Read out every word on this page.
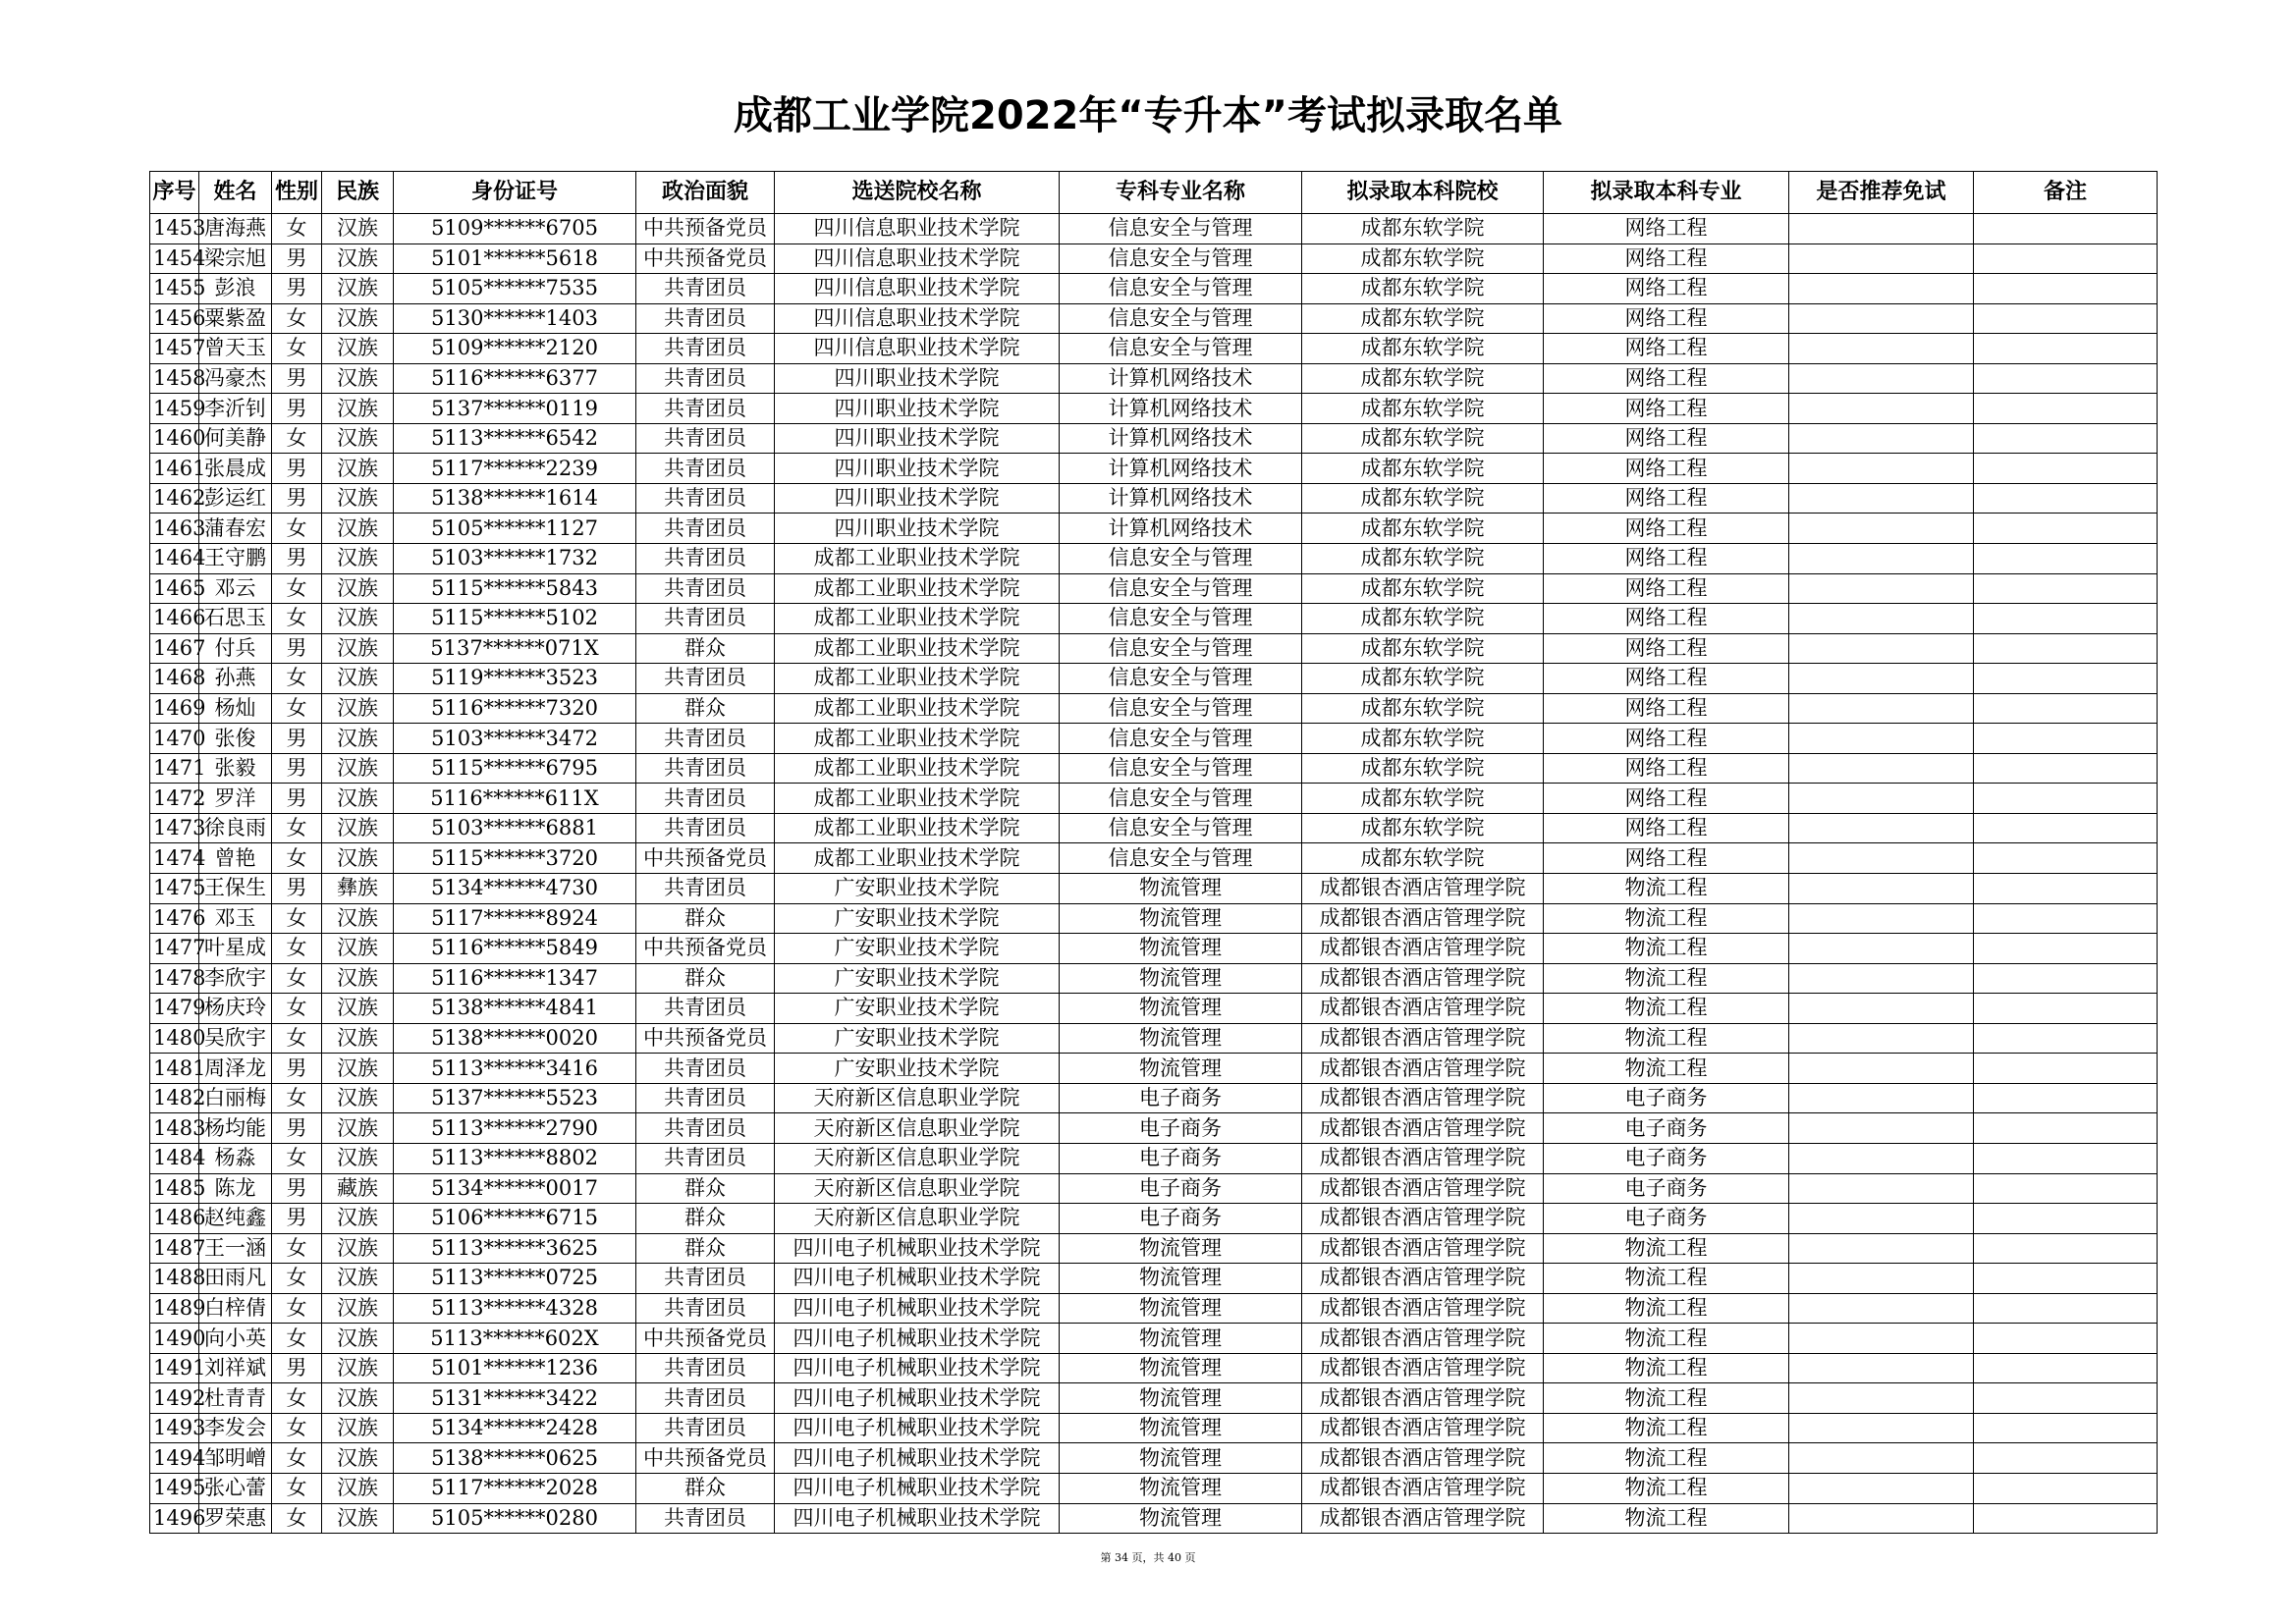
成都工业学院2022年“专升本”考试拟录取名单
序号	姓名	性别	民族	身份证号	政治面貌	选送院校名称	专科专业名称	拟录取本科院校	拟录取本科专业	是否推荐免试	备注
1453	唐海燕	女	汉族	5109******6705	中共预备党员	四川信息职业技术学院	信息安全与管理	成都东软学院	网络工程		
1454	梁宗旭	男	汉族	5101******5618	中共预备党员	四川信息职业技术学院	信息安全与管理	成都东软学院	网络工程		
1455	彭浪	男	汉族	5105******7535	共青团员	四川信息职业技术学院	信息安全与管理	成都东软学院	网络工程		
1456	粟紫盈	女	汉族	5130******1403	共青团员	四川信息职业技术学院	信息安全与管理	成都东软学院	网络工程		
1457	曾天玉	女	汉族	5109******2120	共青团员	四川信息职业技术学院	信息安全与管理	成都东软学院	网络工程		
1458	冯豪杰	男	汉族	5116******6377	共青团员	四川职业技术学院	计算机网络技术	成都东软学院	网络工程		
1459	李沂钊	男	汉族	5137******0119	共青团员	四川职业技术学院	计算机网络技术	成都东软学院	网络工程		
1460	何美静	女	汉族	5113******6542	共青团员	四川职业技术学院	计算机网络技术	成都东软学院	网络工程		
1461	张晨成	男	汉族	5117******2239	共青团员	四川职业技术学院	计算机网络技术	成都东软学院	网络工程		
1462	彭运红	男	汉族	5138******1614	共青团员	四川职业技术学院	计算机网络技术	成都东软学院	网络工程		
1463	蒲春宏	女	汉族	5105******1127	共青团员	四川职业技术学院	计算机网络技术	成都东软学院	网络工程		
1464	王守鹏	男	汉族	5103******1732	共青团员	成都工业职业技术学院	信息安全与管理	成都东软学院	网络工程		
1465	邓云	女	汉族	5115******5843	共青团员	成都工业职业技术学院	信息安全与管理	成都东软学院	网络工程		
1466	石思玉	女	汉族	5115******5102	共青团员	成都工业职业技术学院	信息安全与管理	成都东软学院	网络工程		
1467	付兵	男	汉族	5137******071X	群众	成都工业职业技术学院	信息安全与管理	成都东软学院	网络工程		
1468	孙燕	女	汉族	5119******3523	共青团员	成都工业职业技术学院	信息安全与管理	成都东软学院	网络工程		
1469	杨灿	女	汉族	5116******7320	群众	成都工业职业技术学院	信息安全与管理	成都东软学院	网络工程		
1470	张俊	男	汉族	5103******3472	共青团员	成都工业职业技术学院	信息安全与管理	成都东软学院	网络工程		
1471	张毅	男	汉族	5115******6795	共青团员	成都工业职业技术学院	信息安全与管理	成都东软学院	网络工程		
1472	罗洋	男	汉族	5116******611X	共青团员	成都工业职业技术学院	信息安全与管理	成都东软学院	网络工程		
1473	徐良雨	女	汉族	5103******6881	共青团员	成都工业职业技术学院	信息安全与管理	成都东软学院	网络工程		
1474	曾艳	女	汉族	5115******3720	中共预备党员	成都工业职业技术学院	信息安全与管理	成都东软学院	网络工程		
1475	王保生	男	彝族	5134******4730	共青团员	广安职业技术学院	物流管理	成都银杏酒店管理学院	物流工程		
1476	邓玉	女	汉族	5117******8924	群众	广安职业技术学院	物流管理	成都银杏酒店管理学院	物流工程		
1477	叶星成	女	汉族	5116******5849	中共预备党员	广安职业技术学院	物流管理	成都银杏酒店管理学院	物流工程		
1478	李欣宇	女	汉族	5116******1347	群众	广安职业技术学院	物流管理	成都银杏酒店管理学院	物流工程		
1479	杨庆玲	女	汉族	5138******4841	共青团员	广安职业技术学院	物流管理	成都银杏酒店管理学院	物流工程		
1480	吴欣宇	女	汉族	5138******0020	中共预备党员	广安职业技术学院	物流管理	成都银杏酒店管理学院	物流工程		
1481	周泽龙	男	汉族	5113******3416	共青团员	广安职业技术学院	物流管理	成都银杏酒店管理学院	物流工程		
1482	白丽梅	女	汉族	5137******5523	共青团员	天府新区信息职业学院	电子商务	成都银杏酒店管理学院	电子商务		
1483	杨均能	男	汉族	5113******2790	共青团员	天府新区信息职业学院	电子商务	成都银杏酒店管理学院	电子商务		
1484	杨淼	女	汉族	5113******8802	共青团员	天府新区信息职业学院	电子商务	成都银杏酒店管理学院	电子商务		
1485	陈龙	男	藏族	5134******0017	群众	天府新区信息职业学院	电子商务	成都银杏酒店管理学院	电子商务		
1486	赵纯鑫	男	汉族	5106******6715	群众	天府新区信息职业学院	电子商务	成都银杏酒店管理学院	电子商务		
1487	王一涵	女	汉族	5113******3625	群众	四川电子机械职业技术学院	物流管理	成都银杏酒店管理学院	物流工程		
1488	田雨凡	女	汉族	5113******0725	共青团员	四川电子机械职业技术学院	物流管理	成都银杏酒店管理学院	物流工程		
1489	白梓倩	女	汉族	5113******4328	共青团员	四川电子机械职业技术学院	物流管理	成都银杏酒店管理学院	物流工程		
1490	向小英	女	汉族	5113******602X	中共预备党员	四川电子机械职业技术学院	物流管理	成都银杏酒店管理学院	物流工程		
1491	刘祥斌	男	汉族	5101******1236	共青团员	四川电子机械职业技术学院	物流管理	成都银杏酒店管理学院	物流工程		
1492	杜青青	女	汉族	5131******3422	共青团员	四川电子机械职业技术学院	物流管理	成都银杏酒店管理学院	物流工程		
1493	李发会	女	汉族	5134******2428	共青团员	四川电子机械职业技术学院	物流管理	成都银杏酒店管理学院	物流工程		
1494	邹明嶒	女	汉族	5138******0625	中共预备党员	四川电子机械职业技术学院	物流管理	成都银杏酒店管理学院	物流工程		
1495	张心蕾	女	汉族	5117******2028	群众	四川电子机械职业技术学院	物流管理	成都银杏酒店管理学院	物流工程		
1496	罗荣惠	女	汉族	5105******0280	共青团员	四川电子机械职业技术学院	物流管理	成都银杏酒店管理学院	物流工程		
第 34 页，共 40 页
